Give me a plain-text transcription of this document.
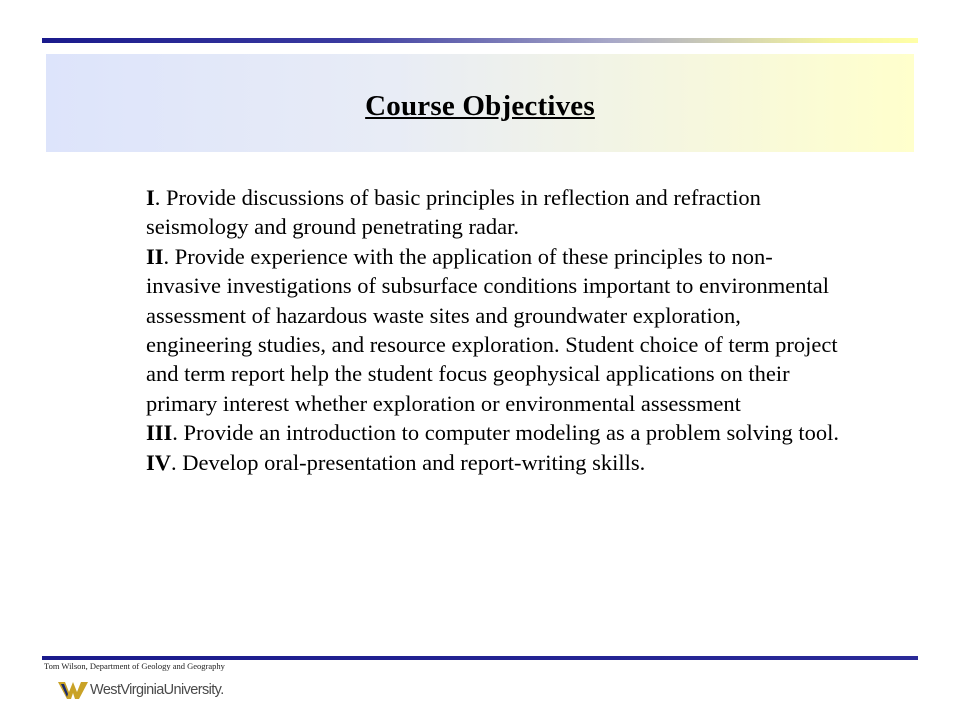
Course Objectives

I. Provide discussions of basic principles in reflection and refraction seismology and ground penetrating radar.

II. Provide experience with the application of these principles to non-invasive investigations of subsurface conditions important to environmental assessment of hazardous waste sites and groundwater exploration, engineering studies, and resource exploration. Student choice of term project and term report help the student focus geophysical applications on their primary interest whether exploration or environmental assessment

III. Provide an introduction to computer modeling as a problem solving tool.

IV. Develop oral-presentation and report-writing skills.

Tom Wilson, Department of Geology and Geography
WestVirginiaUniversity.
